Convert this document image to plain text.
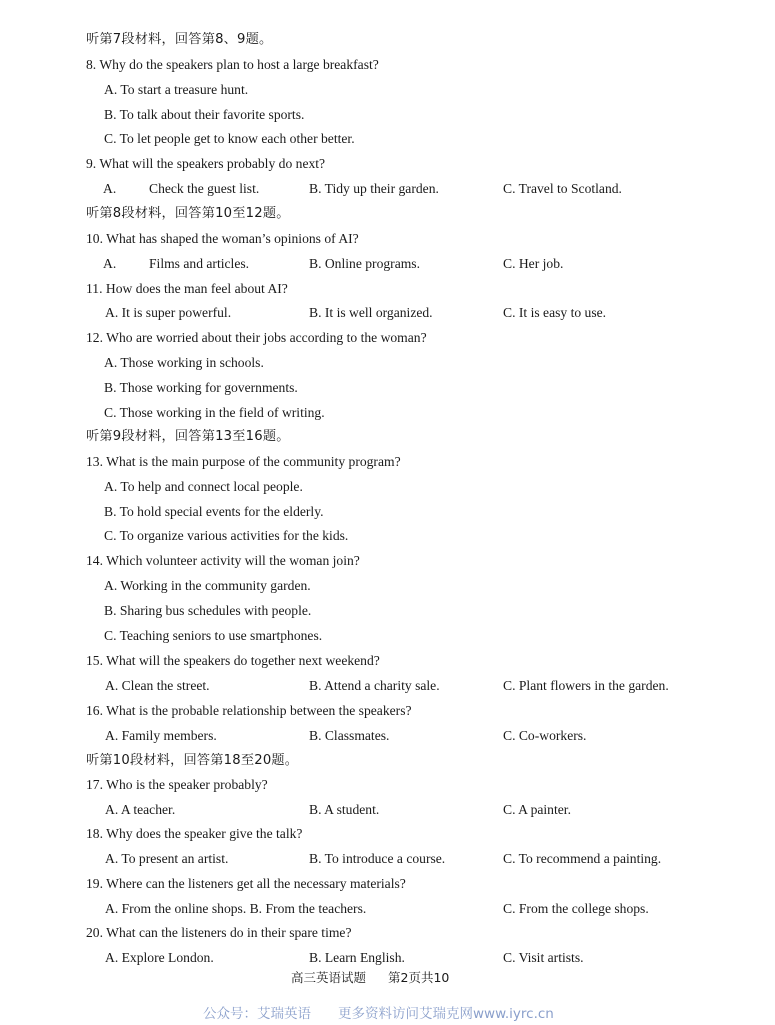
听第7段材料，回答第8、9题。
8. Why do the speakers plan to host a large breakfast?
A. To start a treasure hunt.
B. To talk about their favorite sports.
C. To let people get to know each other better.
9. What will the speakers probably do next?
A. Check the guest list.	B. Tidy up their garden.	C. Travel to Scotland.
听第8段材料，回答第10至12题。
10. What has shaped the woman’s opinions of AI?
A. Films and articles.	B. Online programs.	C. Her job.
11. How does the man feel about AI?
A. It is super powerful.	B. It is well organized.	C. It is easy to use.
12. Who are worried about their jobs according to the woman?
A. Those working in schools.
B. Those working for governments.
C. Those working in the field of writing.
听第9段材料，回答第13至16题。
13. What is the main purpose of the community program?
A. To help and connect local people.
B. To hold special events for the elderly.
C. To organize various activities for the kids.
14. Which volunteer activity will the woman join?
A. Working in the community garden.
B. Sharing bus schedules with people.
C. Teaching seniors to use smartphones.
15. What will the speakers do together next weekend?
A. Clean the street.	B. Attend a charity sale.	C. Plant flowers in the garden.
16. What is the probable relationship between the speakers?
A. Family members.	B. Classmates.	C. Co-workers.
听第10段材料，回答第18至20题。
17. Who is the speaker probably?
A. A teacher.	B. A student.	C. A painter.
18. Why does the speaker give the talk?
A. To present an artist.	B. To introduce a course.	C. To recommend a painting.
19. Where can the listeners get all the necessary materials?
A. From the online shops. B. From the teachers.	C. From the college shops.
20. What can the listeners do in their spare time?
A. Explore London.	B. Learn English.	C. Visit artists.
高三英语试题 第2页共10
公众号：艾瑞英语 更多资料访问艾瑞克网www.iyrc.cn
